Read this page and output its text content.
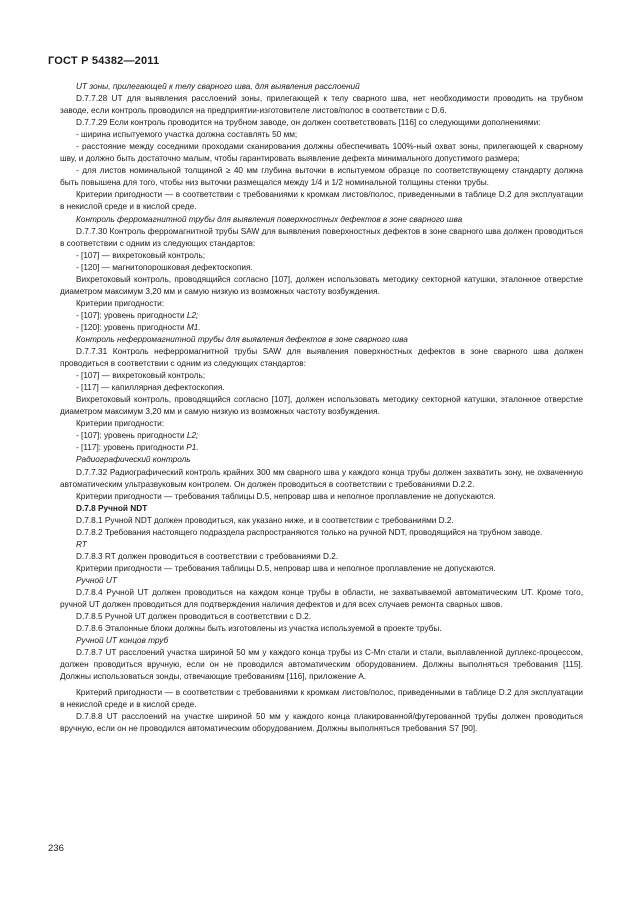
ГОСТ Р 54382—2011

UT зоны, прилегающей к телу сварного шва, для выявления расслоений

D.7.7.28 UT для выявления расслоений зоны, прилегающей к телу сварного шва, нет необходимости проводить на трубном заводе, если контроль проводился на предприятии-изготовителе листов/полос в соответствии с D.6.

D.7.7.29 Если контроль проводится на трубном заводе, он должен соответствовать [116] со следующими дополнениями:

- ширина испытуемого участка должна составлять 50 мм;

- расстояние между соседними проходами сканирования должны обеспечивать 100%-ный охват зоны, прилегающей к сварному шву, и должно быть достаточно малым, чтобы гарантировать выявление дефекта минимального допустимого размера;

- для листов номинальной толщиной ≥ 40 мм глубина выточки в испытуемом образце по соответствующему стандарту должна быть повышена для того, чтобы низ выточки размещался между 1/4 и 1/2 номинальной толщины стенки трубы.

Критерии пригодности — в соответствии с требованиями к кромкам листов/полос, приведенными в таблице D.2 для эксплуатации в некислой среде и в кислой среде.

Контроль ферромагнитной трубы для выявления поверхностных дефектов в зоне сварного шва

D.7.7.30 Контроль ферромагнитной трубы SAW для выявления поверхностных дефектов в зоне сварного шва должен проводиться в соответствии с одним из следующих стандартов:

- [107] — вихретоковый контроль;

- [120] — магнитопорошковая дефектоскопия.

Вихретоковый контроль, проводящийся согласно [107], должен использовать методику секторной катушки, эталонное отверстие диаметром максимум 3,20 мм и самую низкую из возможных частоту возбуждения.

Критерии пригодности:

- [107]: уровень пригодности L2;

- [120]: уровень пригодности M1.

Контроль неферромагнитной трубы для выявления дефектов в зоне сварного шва

D.7.7.31 Контроль неферромагнитной трубы SAW для выявления поверхностных дефектов в зоне сварного шва должен проводиться в соответствии с одним из следующих стандартов:

- [107] — вихретоковый контроль;

- [117] — капиллярная дефектоскопия.

Вихретоковый контроль, проводящийся согласно [107], должен использовать методику секторной катушки, эталонное отверстие диаметром максимум 3,20 мм и самую низкую из возможных частоту возбуждения.

Критерии пригодности:

- [107]: уровень пригодности L2;

- [117]: уровень пригодности P1.

Радиографический контроль

D.7.7.32 Радиографический контроль крайних 300 мм сварного шва у каждого конца трубы должен захватить зону, не охваченную автоматическим ультразвуковым контролем. Он должен проводиться в соответствии с требованиями D.2.2.

Критерии пригодности — требования таблицы D.5, непровар шва и неполное проплавление не допускаются.

D.7.8 Ручной NDT

D.7.8.1 Ручной NDT должен проводиться, как указано ниже, и в соответствии с требованиями D.2.

D.7.8.2 Требования настоящего подраздела распространяются только на ручной NDT, проводящийся на трубном заводе.

RT

D.7.8.3 RT должен проводиться в соответствии с требованиями D.2.

Критерии пригодности — требования таблицы D.5, непровар шва и неполное проплавление не допускаются.

Ручной UT

D.7.8.4 Ручной UT должен проводиться на каждом конце трубы в области, не захватываемой автоматическим UT. Кроме того, ручной UT должен проводиться для подтверждения наличия дефектов и для всех случаев ремонта сварных швов.

D.7.8.5 Ручной UT должен проводиться в соответствии с D.2.

D.7.8.6 Эталонные блоки должны быть изготовлены из участка используемой в проекте трубы.

Ручной UT концов труб

D.7.8.7 UT расслоений участка шириной 50 мм у каждого конца трубы из C-Mn стали и стали, выплавленной дуплекс-процессом, должен проводиться вручную, если он не проводился автоматическим оборудованием. Должны выполняться требования [115]. Должны использоваться зонды, отвечающие требованиям [116], приложение А.

Критерий пригодности — в соответствии с требованиями к кромкам листов/полос, приведенными в таблице D.2 для эксплуатации в некислой среде и в кислой среде.

D.7.8.8 UT расслоений на участке шириной 50 мм у каждого конца плакированной/футерованной трубы должен проводиться вручную, если он не проводился автоматическим оборудованием. Должны выполняться требования S7 [90].

236
